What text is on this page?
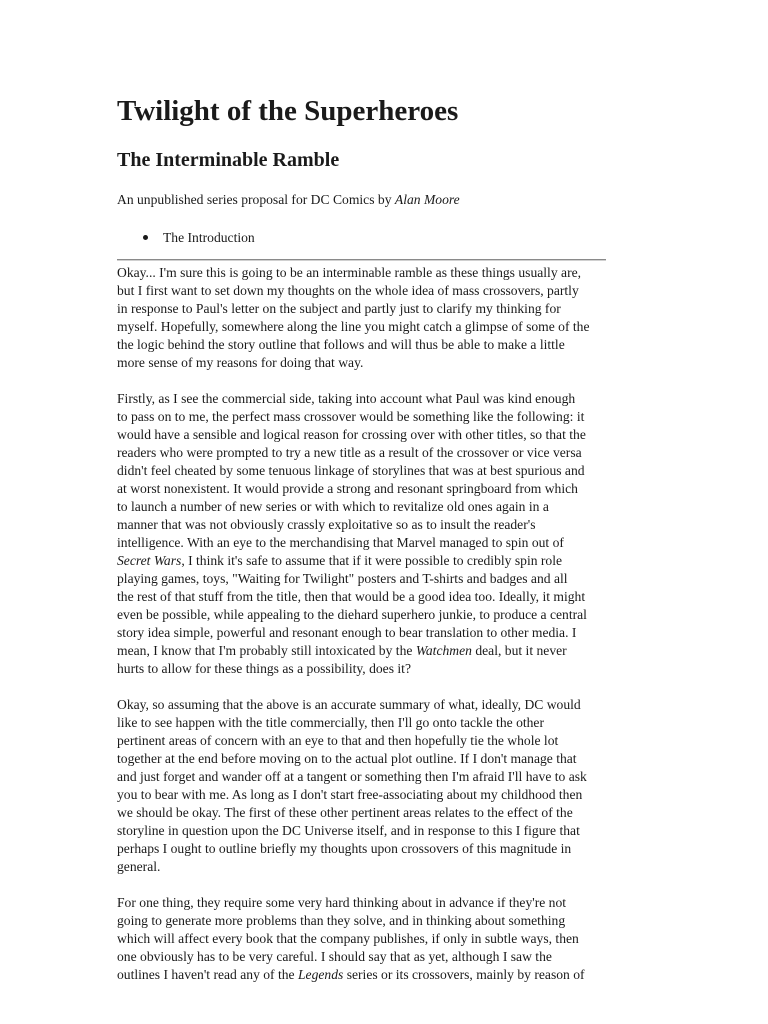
Twilight of the Superheroes
The Interminable Ramble

An unpublished series proposal for DC Comics by Alan Moore

The Introduction

Okay... I'm sure this is going to be an interminable ramble as these things usually are,
but I first want to set down my thoughts on the whole idea of mass crossovers, partly
in response to Paul's letter on the subject and partly just to clarify my thinking for
myself. Hopefully, somewhere along the line you might catch a glimpse of some of the
the logic behind the story outline that follows and will thus be able to make a little
more sense of my reasons for doing that way.

Firstly, as I see the commercial side, taking into account what Paul was kind enough
to pass on to me, the perfect mass crossover would be something like the following: it
would have a sensible and logical reason for crossing over with other titles, so that the
readers who were prompted to try a new title as a result of the crossover or vice versa
didn't feel cheated by some tenuous linkage of storylines that was at best spurious and
at worst nonexistent. It would provide a strong and resonant springboard from which
to launch a number of new series or with which to revitalize old ones again in a
manner that was not obviously crassly exploitative so as to insult the reader's
intelligence. With an eye to the merchandising that Marvel managed to spin out of
Secret Wars, I think it's safe to assume that if it were possible to credibly spin role
playing games, toys, "Waiting for Twilight" posters and T-shirts and badges and all
the rest of that stuff from the title, then that would be a good idea too. Ideally, it might
even be possible, while appealing to the diehard superhero junkie, to produce a central
story idea simple, powerful and resonant enough to bear translation to other media. I
mean, I know that I'm probably still intoxicated by the Watchmen deal, but it never
hurts to allow for these things as a possibility, does it?

Okay, so assuming that the above is an accurate summary of what, ideally, DC would
like to see happen with the title commercially, then I'll go onto tackle the other
pertinent areas of concern with an eye to that and then hopefully tie the whole lot
together at the end before moving on to the actual plot outline. If I don't manage that
and just forget and wander off at a tangent or something then I'm afraid I'll have to ask
you to bear with me. As long as I don't start free-associating about my childhood then
we should be okay. The first of these other pertinent areas relates to the effect of the
storyline in question upon the DC Universe itself, and in response to this I figure that
perhaps I ought to outline briefly my thoughts upon crossovers of this magnitude in
general.

For one thing, they require some very hard thinking about in advance if they're not
going to generate more problems than they solve, and in thinking about something
which will affect every book that the company publishes, if only in subtle ways, then
one obviously has to be very careful. I should say that as yet, although I saw the
outlines I haven't read any of the Legends series or its crossovers, mainly by reason of
